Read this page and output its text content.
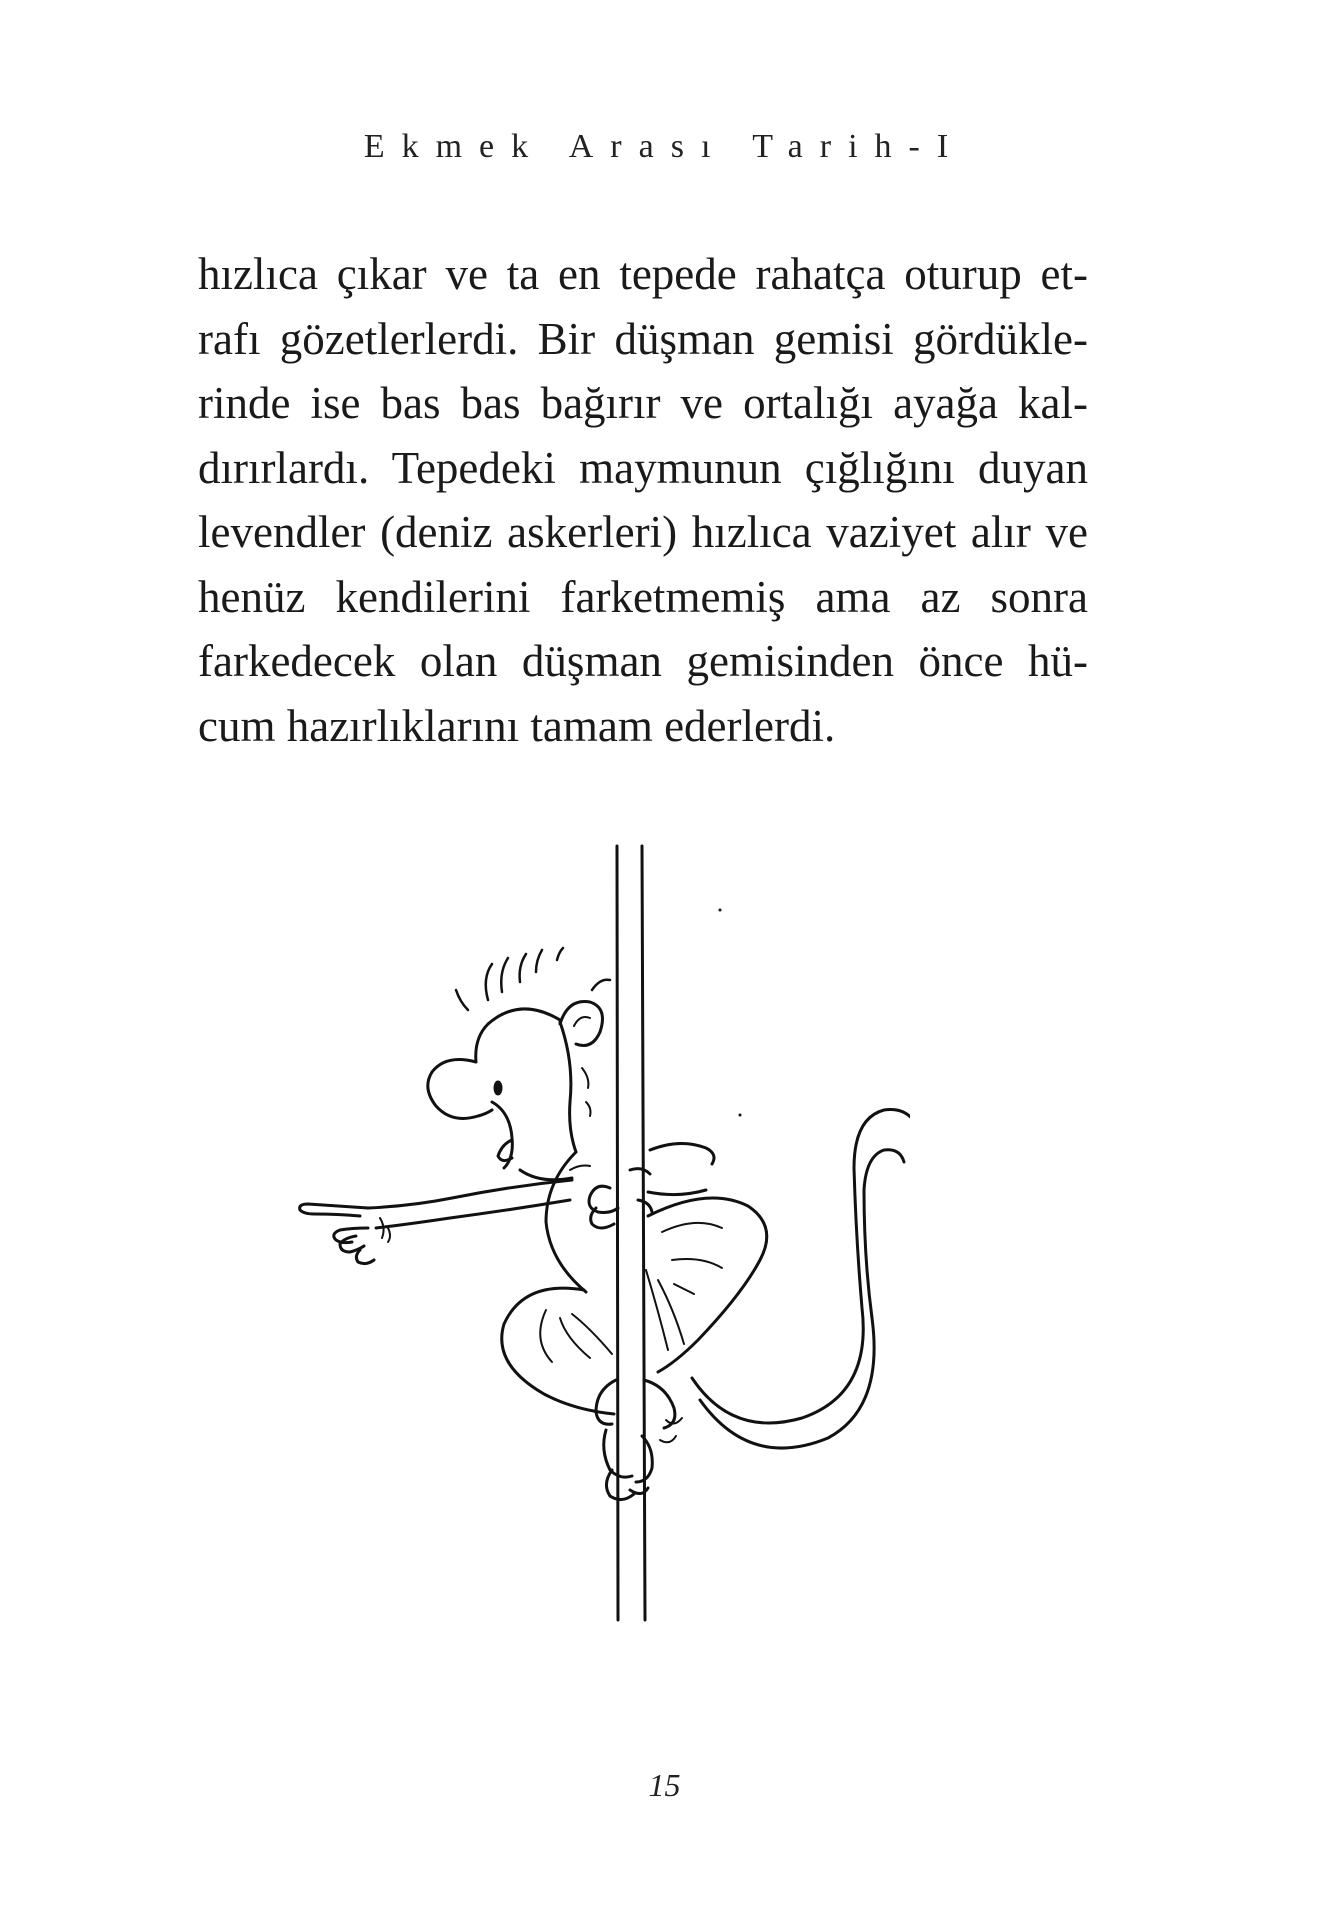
Ekmek Arası Tarih-I
hızlıca çıkar ve ta en tepede rahatça oturup et-
rafı gözetlerlerdi. Bir düşman gemisi gördükle-
rinde ise bas bas bağırır ve ortalığı ayağa kal-
dırırlardı. Tepedeki maymunun çığlığını duyan
levendler (deniz askerleri) hızlıca vaziyet alır ve
henüz kendilerini farketmemiş ama az sonra
farkedecek olan düşman gemisinden önce hü-
cum hazırlıklarını tamam ederlerdi.
15
